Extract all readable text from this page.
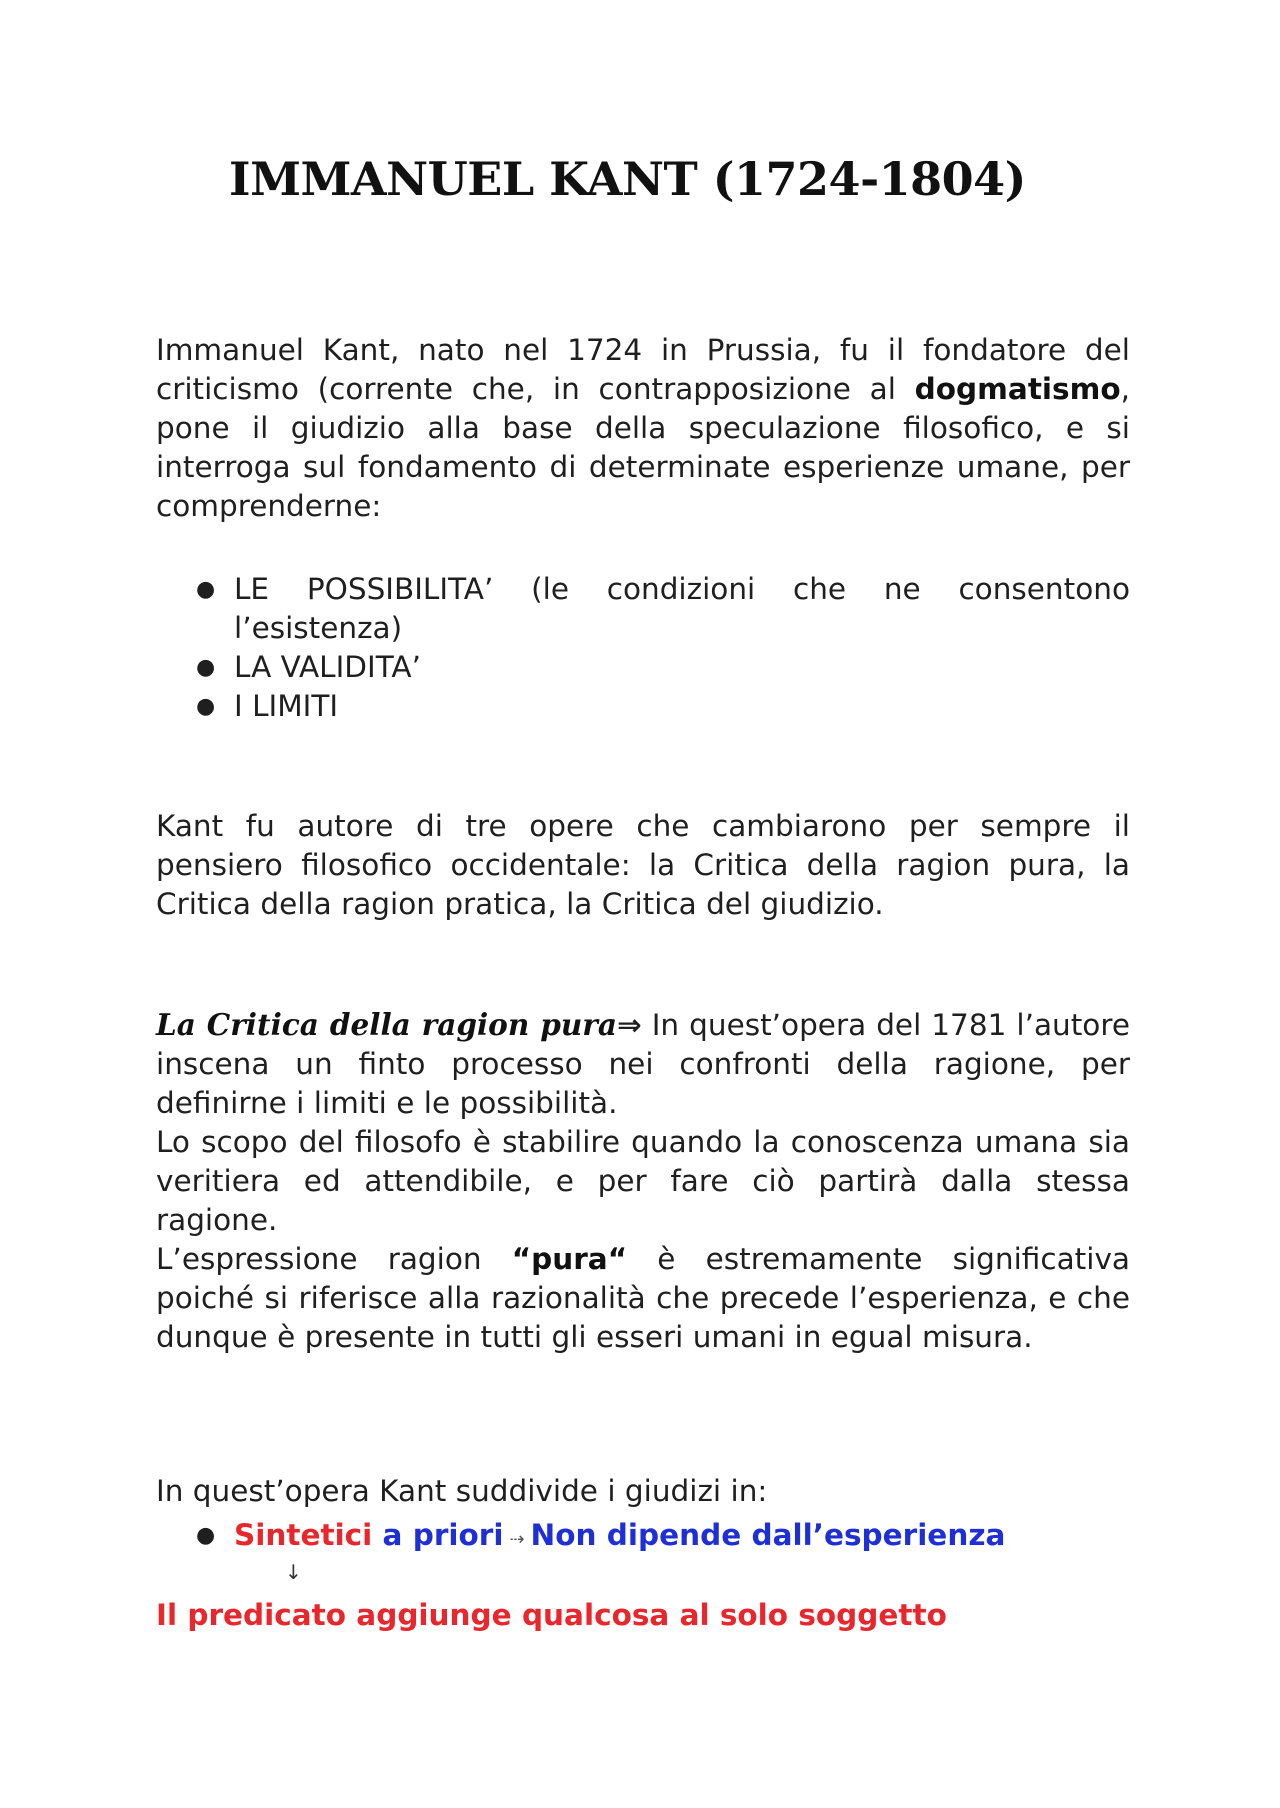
IMMANUEL KANT (1724-1804)

Immanuel Kant, nato nel 1724 in Prussia, fu il fondatore del criticismo (corrente che, in contrapposizione al dogmatismo, pone il giudizio alla base della speculazione filosofico, e si interroga sul fondamento di determinate esperienze umane, per comprenderne:

● LE POSSIBILITA’ (le condizioni che ne consentono l’esistenza)
● LA VALIDITA’
● I LIMITI

Kant fu autore di tre opere che cambiarono per sempre il pensiero filosofico occidentale: la Critica della ragion pura, la Critica della ragion pratica, la Critica del giudizio.

La Critica della ragion pura⇒ In quest’opera del 1781 l’autore inscena un finto processo nei confronti della ragione, per definirne i limiti e le possibilità.

Lo scopo del filosofo è stabilire quando la conoscenza umana sia veritiera ed attendibile, e per fare ciò partirà dalla stessa ragione.

L’espressione ragion “pura“ è estremamente significativa poiché si riferisce alla razionalità che precede l’esperienza, e che dunque è presente in tutti gli esseri umani in egual misura.

In quest’opera Kant suddivide i giudizi in:

● Sintetici a priori ⇢ Non dipende dall’esperienza
↓

Il predicato aggiunge qualcosa al solo soggetto
